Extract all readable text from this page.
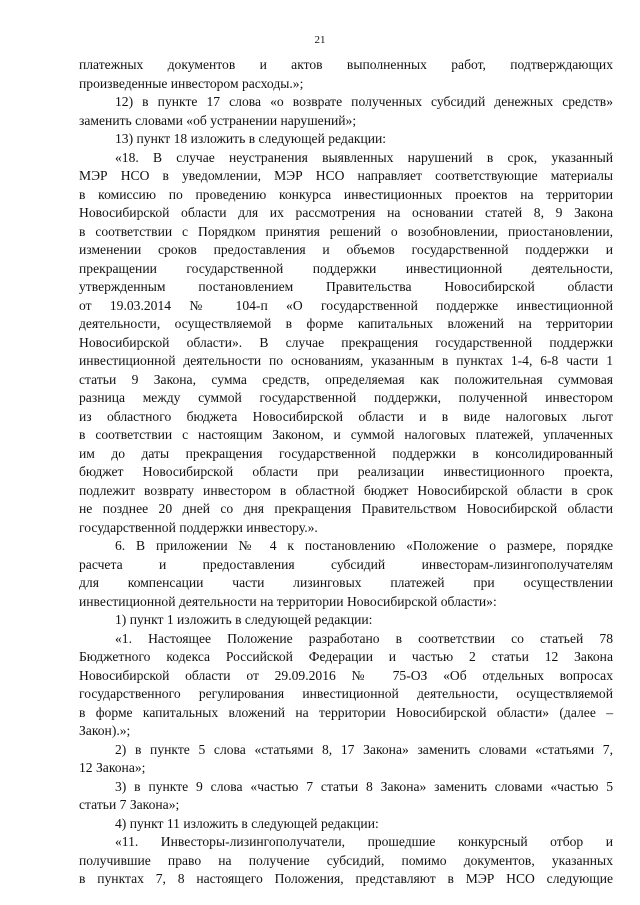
21
платежных документов и актов выполненных работ, подтверждающих
произведенные инвестором расходы.»;
12) в пункте 17 слова «о возврате полученных субсидий денежных средств»
заменить словами «об устранении нарушений»;
13) пункт 18 изложить в следующей редакции:
«18. В случае неустранения выявленных нарушений в срок, указанный
МЭР НСО в уведомлении, МЭР НСО направляет соответствующие материалы
в комиссию по проведению конкурса инвестиционных проектов на территории
Новосибирской области для их рассмотрения на основании статей 8, 9 Закона
в соответствии с Порядком принятия решений о возобновлении, приостановлении,
изменении сроков предоставления и объемов государственной поддержки и
прекращении государственной поддержки инвестиционной деятельности,
утвержденным постановлением Правительства Новосибирской области
от 19.03.2014 № 104-п «О государственной поддержке инвестиционной
деятельности, осуществляемой в форме капитальных вложений на территории
Новосибирской области». В случае прекращения государственной поддержки
инвестиционной деятельности по основаниям, указанным в пунктах 1-4, 6-8 части 1
статьи 9 Закона, сумма средств, определяемая как положительная суммовая
разница между суммой государственной поддержки, полученной инвестором
из областного бюджета Новосибирской области и в виде налоговых льгот
в соответствии с настоящим Законом, и суммой налоговых платежей, уплаченных
им до даты прекращения государственной поддержки в консолидированный
бюджет Новосибирской области при реализации инвестиционного проекта,
подлежит возврату инвестором в областной бюджет Новосибирской области в срок
не позднее 20 дней со дня прекращения Правительством Новосибирской области
государственной поддержки инвестору.».
6. В приложении № 4 к постановлению «Положение о размере, порядке
расчета и предоставления субсидий инвесторам-лизингополучателям
для компенсации части лизинговых платежей при осуществлении
инвестиционной деятельности на территории Новосибирской области»:
1) пункт 1 изложить в следующей редакции:
«1. Настоящее Положение разработано в соответствии со статьей 78
Бюджетного кодекса Российской Федерации и частью 2 статьи 12 Закона
Новосибирской области от 29.09.2016 № 75-ОЗ «Об отдельных вопросах
государственного регулирования инвестиционной деятельности, осуществляемой
в форме капитальных вложений на территории Новосибирской области» (далее –
Закон).»;
2) в пункте 5 слова «статьями 8, 17 Закона» заменить словами «статьями 7,
12 Закона»;
3) в пункте 9 слова «частью 7 статьи 8 Закона» заменить словами «частью 5
статьи 7 Закона»;
4) пункт 11 изложить в следующей редакции:
«11. Инвесторы-лизингополучатели, прошедшие конкурсный отбор и
получившие право на получение субсидий, помимо документов, указанных
в пунктах 7, 8 настоящего Положения, представляют в МЭР НСО следующие
